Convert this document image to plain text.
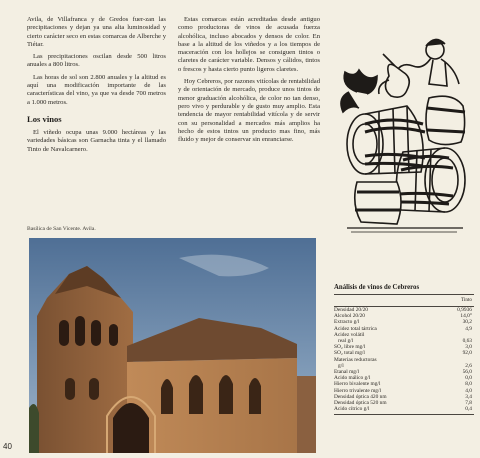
Avila, de Villafranca y de Gredos fuer-zan las precipitaciones y dejan ya una alta luminosidad y cierto carácter seco en estas comarcas de Alberche y Tiétar.

Las precipitaciones oscilan desde 500 litros anuales a 800 litros.

Las horas de sol son 2.800 anuales y la altitud es aquí una modificación importante de las características del vino, ya que va desde 700 metros a 1.000 metros.

Los vinos

El viñedo ocupa unas 9.000 hectáreas y las variedades básicas son Garnacha tinta y el llamado Tinto de Navalcarnero.

Estas comarcas están acreditadas desde antiguo como productoras de vinos de acusada fuerza alcohólica, incluso abocados y densos de color. En base a la altitud de los viñedos y a los tiempos de maceración con los hollejos se consiguen tintos o claretes de carácter variable. Densos y cálidos, tintos o frescos y hasta cierto punto ligeros claretes.

Hoy Cebreros, por razones vitícolas de rentabilidad y de orientación de mercado, produce unos tintos de menor graduación alcohólica, de color no tan denso, pero vivo y perdurable y de gusto muy amplio. Esta tendencia de mayor rentabilidad vitícola y de servir con su personalidad a mercados más amplios ha hecho de estos tintos un producto mas fino, más fluido y mejor de conservar sin enranciarse.

Basílica de San Vicente. Avila.
40
Análisis de vinos de Cebreros
Tinto
Densidad 20/20	0,9936
Alcohol 20/20	14,0°
Extracto g/l	30,2
Acidez total tártrica	4,9
Acidez volátil	
real g/l	0,63
SO₂ libre mg/l	3,0
SO₂ total mg/l	92,0
Materias reductoras	
g/l	2,6
Etanal mg/l	56,0
Acido málico g/l	0,0
Hierro bivalente mg/l	8,0
Hierro trivalente mg/l	4,0
Densidad óptica 420 nm	3,4
Densidad óptica 520 nm	7,8
Acido cítrico g/l	0,4
